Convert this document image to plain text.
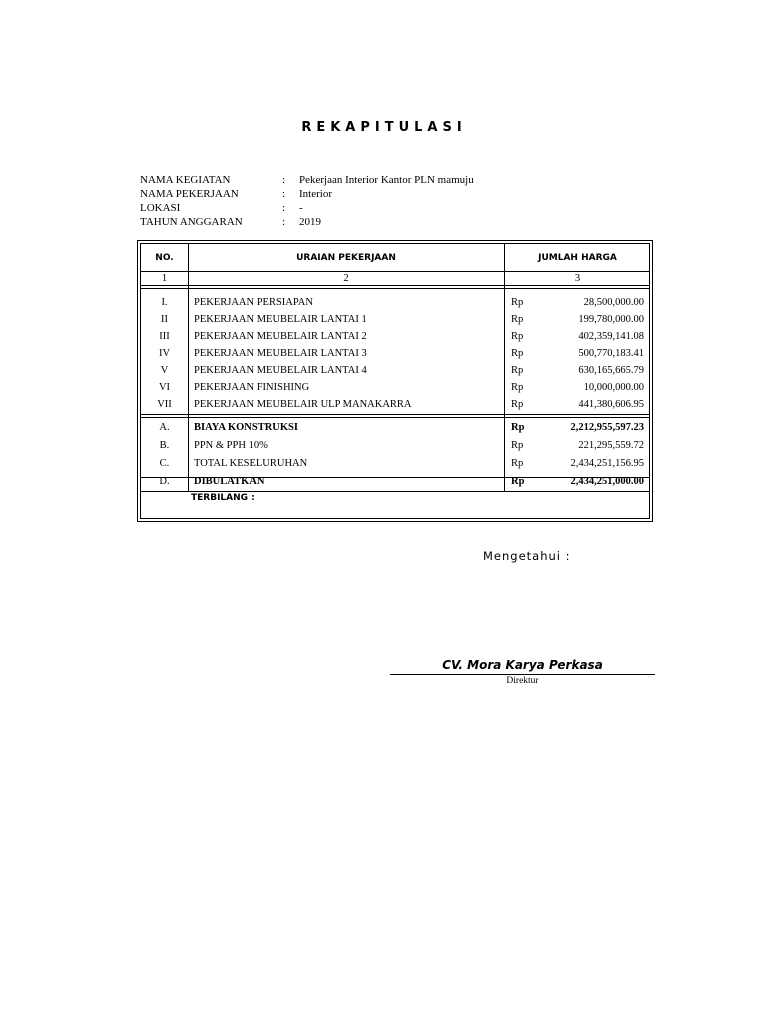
REKAPITULASI
NAMA KEGIATAN	:	Pekerjaan Interior Kantor PLN mamuju
NAMA PEKERJAAN	:	Interior
LOKASI	:	-
TAHUN ANGGARAN	:	2019
NO.	URAIAN PEKERJAAN	JUMLAH HARGA
1	2	3
I.	PEKERJAAN PERSIAPAN	Rp	28,500,000.00
II	PEKERJAAN MEUBELAIR LANTAI 1	Rp	199,780,000.00
III	PEKERJAAN MEUBELAIR LANTAI 2	Rp	402,359,141.08
IV	PEKERJAAN MEUBELAIR LANTAI 3	Rp	500,770,183.41
V	PEKERJAAN MEUBELAIR LANTAI 4	Rp	630,165,665.79
VI	PEKERJAAN FINISHING	Rp	10,000,000.00
VII	PEKERJAAN MEUBELAIR ULP MANAKARRA	Rp	441,380,606.95
A.	BIAYA KONSTRUKSI	Rp	2,212,955,597.23
B.	PPN & PPH 10%	Rp	221,295,559.72
C.	TOTAL KESELURUHAN	Rp	2,434,251,156.95
D.	DIBULATKAN	Rp	2,434,251,000.00
TERBILANG :
Mengetahui :
CV. Mora Karya Perkasa
Direktur
